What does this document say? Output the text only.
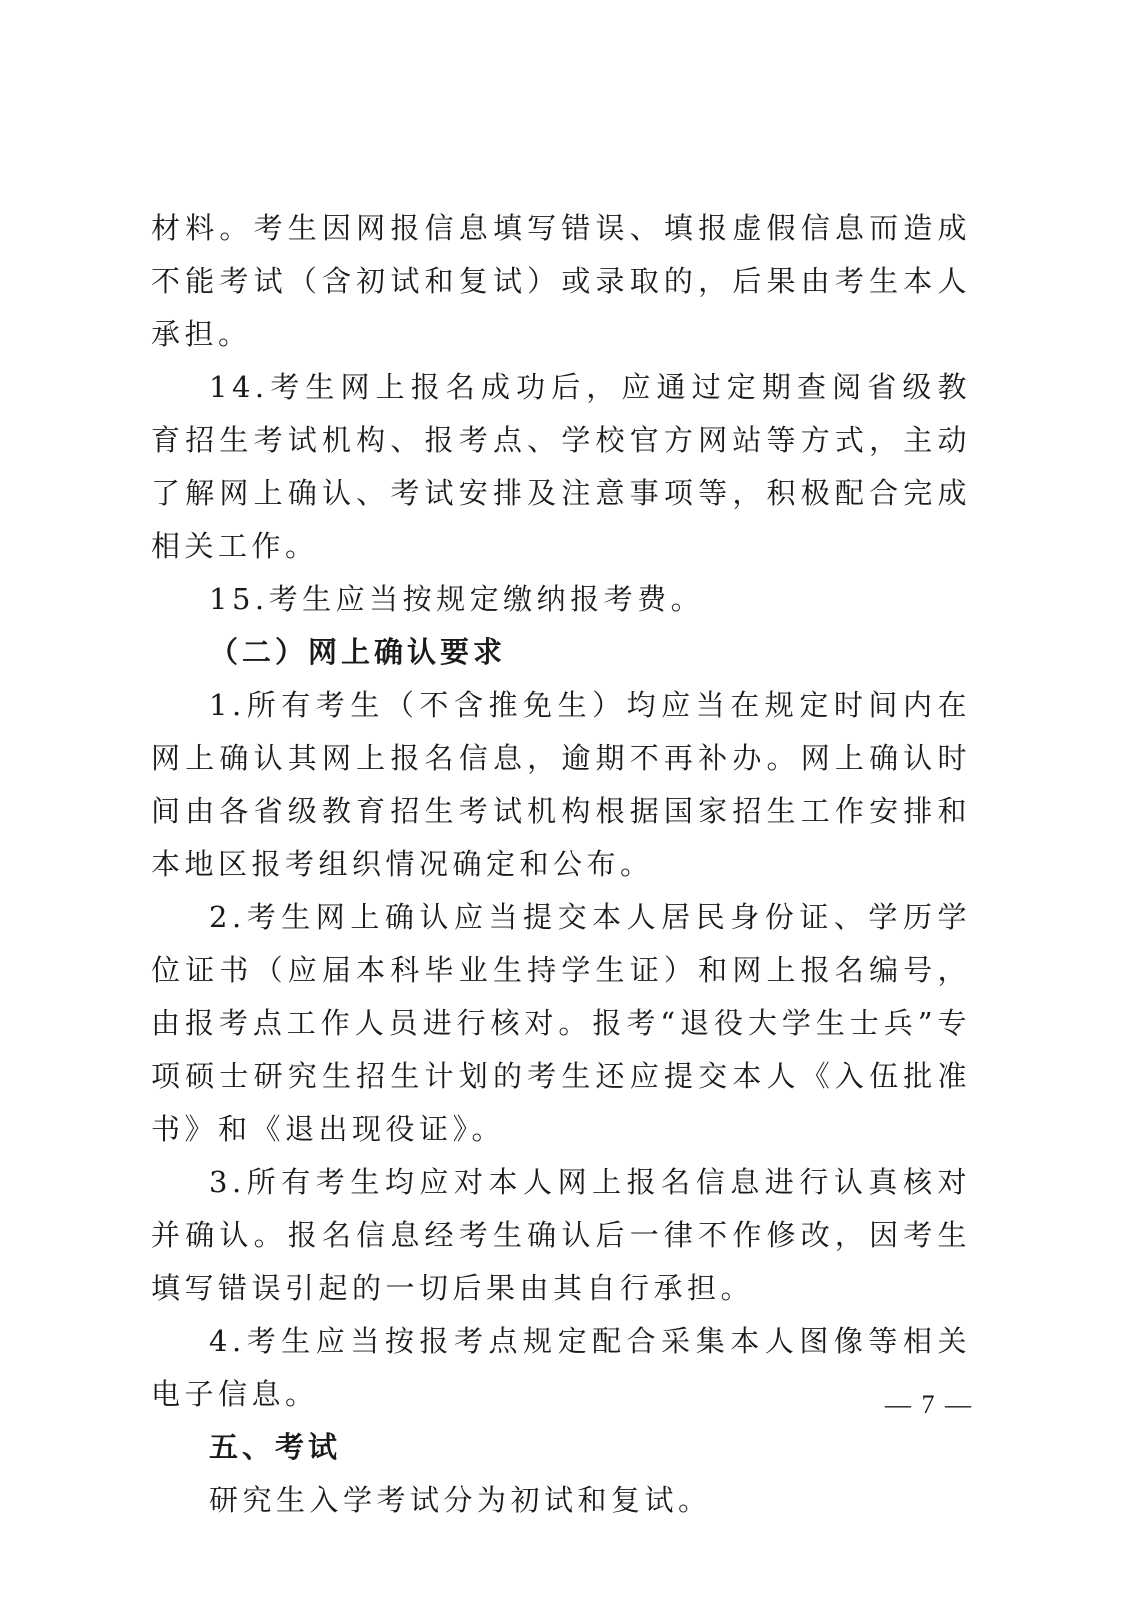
材料。考生因网报信息填写错误、填报虚假信息而造成不能考试（含初试和复试）或录取的，后果由考生本人承担。

14.考生网上报名成功后，应通过定期查阅省级教育招生考试机构、报考点、学校官方网站等方式，主动了解网上确认、考试安排及注意事项等，积极配合完成相关工作。

15.考生应当按规定缴纳报考费。

（二）网上确认要求

1.所有考生（不含推免生）均应当在规定时间内在网上确认其网上报名信息，逾期不再补办。网上确认时间由各省级教育招生考试机构根据国家招生工作安排和本地区报考组织情况确定和公布。

2.考生网上确认应当提交本人居民身份证、学历学位证书（应届本科毕业生持学生证）和网上报名编号，由报考点工作人员进行核对。报考“退役大学生士兵”专项硕士研究生招生计划的考生还应提交本人《入伍批准书》和《退出现役证》。

3.所有考生均应对本人网上报名信息进行认真核对并确认。报名信息经考生确认后一律不作修改，因考生填写错误引起的一切后果由其自行承担。

4.考生应当按报考点规定配合采集本人图像等相关电子信息。

五、考试

研究生入学考试分为初试和复试。

— 7 —
